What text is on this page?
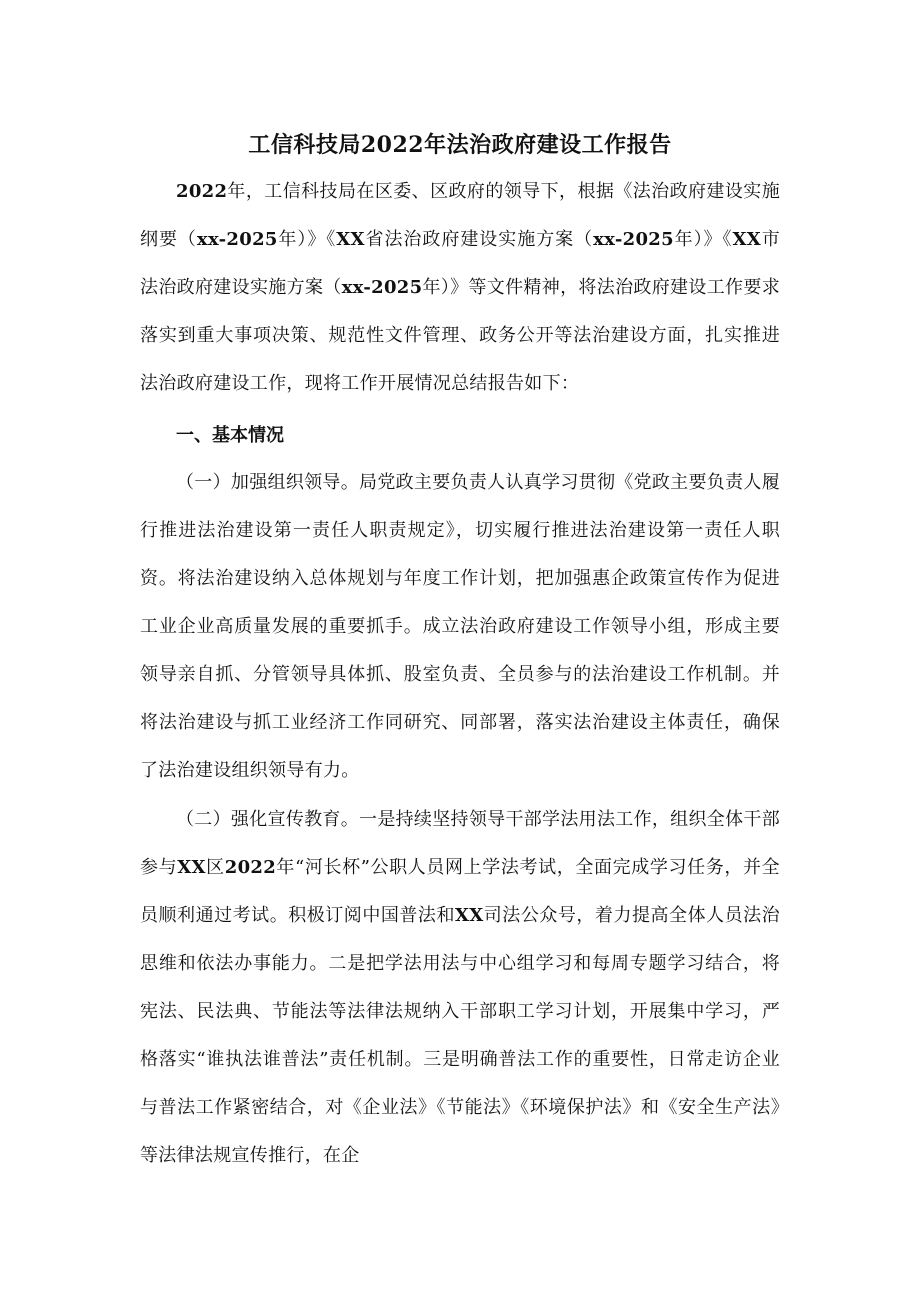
工信科技局2022年法治政府建设工作报告

2022年，工信科技局在区委、区政府的领导下，根据《法治政府建设实施纲要（xx-2025年）》《XX省法治政府建设实施方案（xx-2025年）》《XX市法治政府建设实施方案（xx-2025年）》等文件精神，将法治政府建设工作要求落实到重大事项决策、规范性文件管理、政务公开等法治建设方面，扎实推进法治政府建设工作，现将工作开展情况总结报告如下：

一、基本情况

（一）加强组织领导。局党政主要负责人认真学习贯彻《党政主要负责人履行推进法治建设第一责任人职责规定》，切实履行推进法治建设第一责任人职资。将法治建设纳入总体规划与年度工作计划，把加强惠企政策宣传作为促进工业企业高质量发展的重要抓手。成立法治政府建设工作领导小组，形成主要领导亲自抓、分管领导具体抓、股室负责、全员参与的法治建设工作机制。并将法治建设与抓工业经济工作同研究、同部署，落实法治建设主体责任，确保了法治建设组织领导有力。

（二）强化宣传教育。一是持续坚持领导干部学法用法工作，组织全体干部参与XX区2022年“河长杯”公职人员网上学法考试，全面完成学习任务，并全员顺利通过考试。积极订阅中国普法和XX司法公众号，着力提高全体人员法治思维和依法办事能力。二是把学法用法与中心组学习和每周专题学习结合，将宪法、民法典、节能法等法律法规纳入干部职工学习计划，开展集中学习，严格落实“谁执法谁普法”责任机制。三是明确普法工作的重要性，日常走访企业与普法工作紧密结合，对《企业法》《节能法》《环境保护法》和《安全生产法》等法律法规宣传推行，在企
